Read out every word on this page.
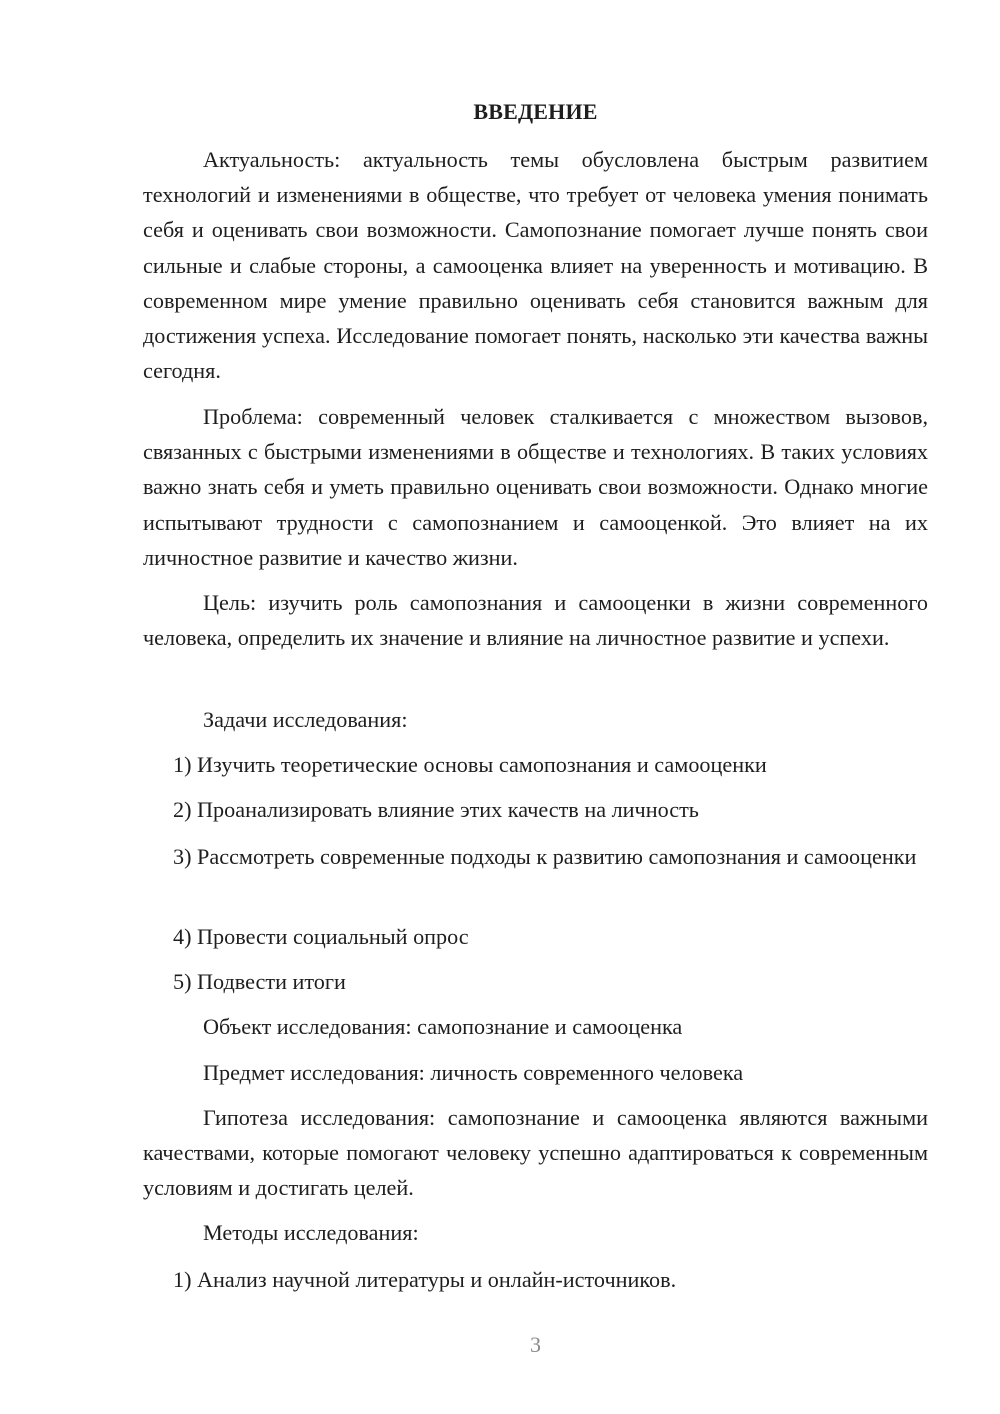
ВВЕДЕНИЕ

Актуальность: актуальность темы обусловлена быстрым развитием технологий и изменениями в обществе, что требует от человека умения понимать себя и оценивать свои возможности. Самопознание помогает лучше понять свои сильные и слабые стороны, а самооценка влияет на уверенность и мотивацию. В современном мире умение правильно оценивать себя становится важным для достижения успеха. Исследование помогает понять, насколько эти качества важны сегодня.

Проблема: современный человек сталкивается с множеством вызовов, связанных с быстрыми изменениями в обществе и технологиях. В таких условиях важно знать себя и уметь правильно оценивать свои возможности. Однако многие испытывают трудности с самопознанием и самооценкой. Это влияет на их личностное развитие и качество жизни.

Цель: изучить роль самопознания и самооценки в жизни современного человека, определить их значение и влияние на личностное развитие и успехи.

Задачи исследования:

1) Изучить теоретические основы самопознания и самооценки

2) Проанализировать влияние этих качеств на личность

3) Рассмотреть современные подходы к развитию самопознания и самооценки

4) Провести социальный опрос

5) Подвести итоги

Объект исследования: самопознание и самооценка

Предмет исследования: личность современного человека

Гипотеза исследования: самопознание и самооценка являются важными качествами, которые помогают человеку успешно адаптироваться к современным условиям и достигать целей.

Методы исследования:

1) Анализ научной литературы и онлайн-источников.

3
